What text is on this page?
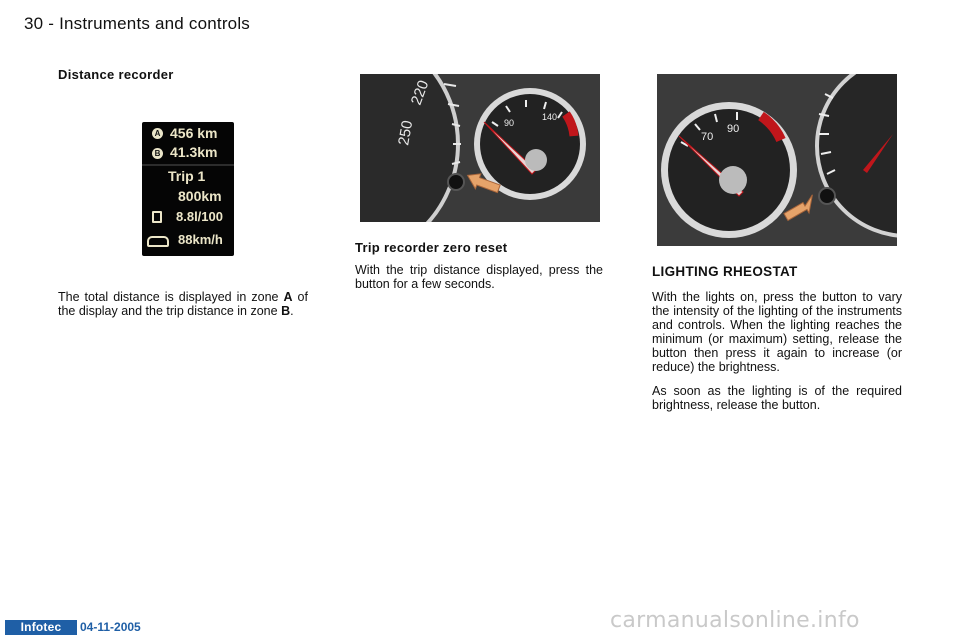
30 - Instruments and controls
Distance recorder
A 456 km
B 41.3km
Trip 1
800km
8.8l/100
88km/h
The total distance is displayed in zone A of the display and the trip distance in zone B.
220
250	90
140
Trip recorder zero reset
With the trip distance displayed, press the button for a few seconds.
70
90
LIGHTING RHEOSTAT
With the lights on, press the button to vary the intensity of the lighting of the instruments and controls. When the lighting reaches the minimum (or maximum) setting, release the button then press it again to increase (or reduce) the brightness.
As soon as the lighting is of the required brightness, release the button.
Infotec	04-11-2005	carmanualsonline.info
